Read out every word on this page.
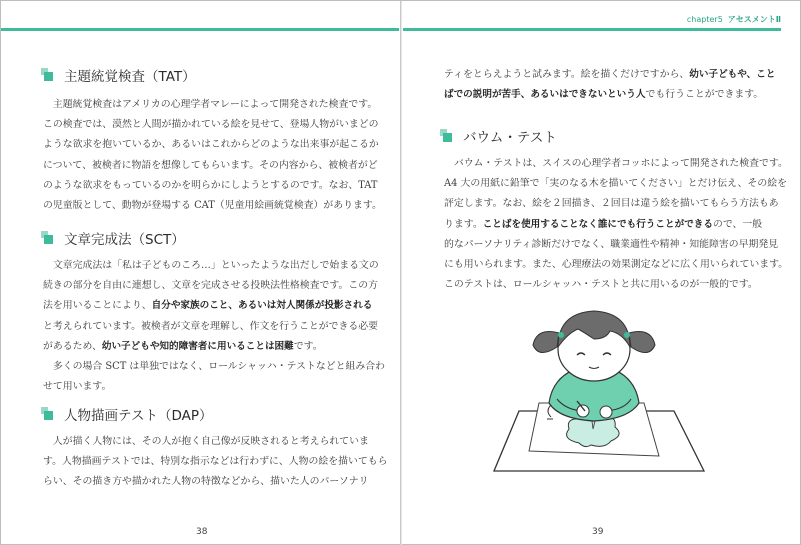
chapter5 アセスメントⅡ
主題統覚検査（TAT）
　主題統覚検査はアメリカの心理学者マレーによって開発された検査です。
この検査では、漠然と人間が描かれている絵を見せて、登場人物がいまどの
ような欲求を抱いているか、あるいはこれからどのような出来事が起こるか
について、被検者に物語を想像してもらいます。その内容から、被検者がど
のような欲求をもっているのかを明らかにしようとするのです。なお、TAT
の児童版として、動物が登場する CAT（児童用絵画統覚検査）があります。
文章完成法（SCT）
　文章完成法は「私は子どものころ…」といったような出だしで始まる文の
続きの部分を自由に連想し、文章を完成させる投映法性格検査です。この方
法を用いることにより、自分や家族のこと、あるいは対人関係が投影される
と考えられています。被検者が文章を理解し、作文を行うことができる必要
があるため、幼い子どもや知的障害者に用いることは困難です。
　多くの場合 SCT は単独ではなく、ロールシャッハ・テストなどと組み合わ
せて用います。
人物描画テスト（DAP）
　人が描く人物には、その人が抱く自己像が反映されると考えられていま
す。人物描画テストでは、特別な指示などは行わずに、人物の絵を描いてもら
らい、その描き方や描かれた人物の特徴などから、描いた人のパーソナリ
38
ティをとらえようと試みます。絵を描くだけですから、幼い子どもや、こと
ばでの説明が苦手、あるいはできないという人でも行うことができます。
バウム・テスト
　バウム・テストは、スイスの心理学者コッホによって開発された検査です。
A4 大の用紙に鉛筆で「実のなる木を描いてください」とだけ伝え、その絵を
評定します。なお、絵を２回描き、２回目は違う絵を描いてもらう方法もあ
ります。ことばを使用することなく誰にでも行うことができるので、一般
的なパーソナリティ診断だけでなく、職業適性や精神・知能障害の早期発見
にも用いられます。また、心理療法の効果測定などに広く用いられています。
このテストは、ロールシャッハ・テストと共に用いるのが一般的です。
39
